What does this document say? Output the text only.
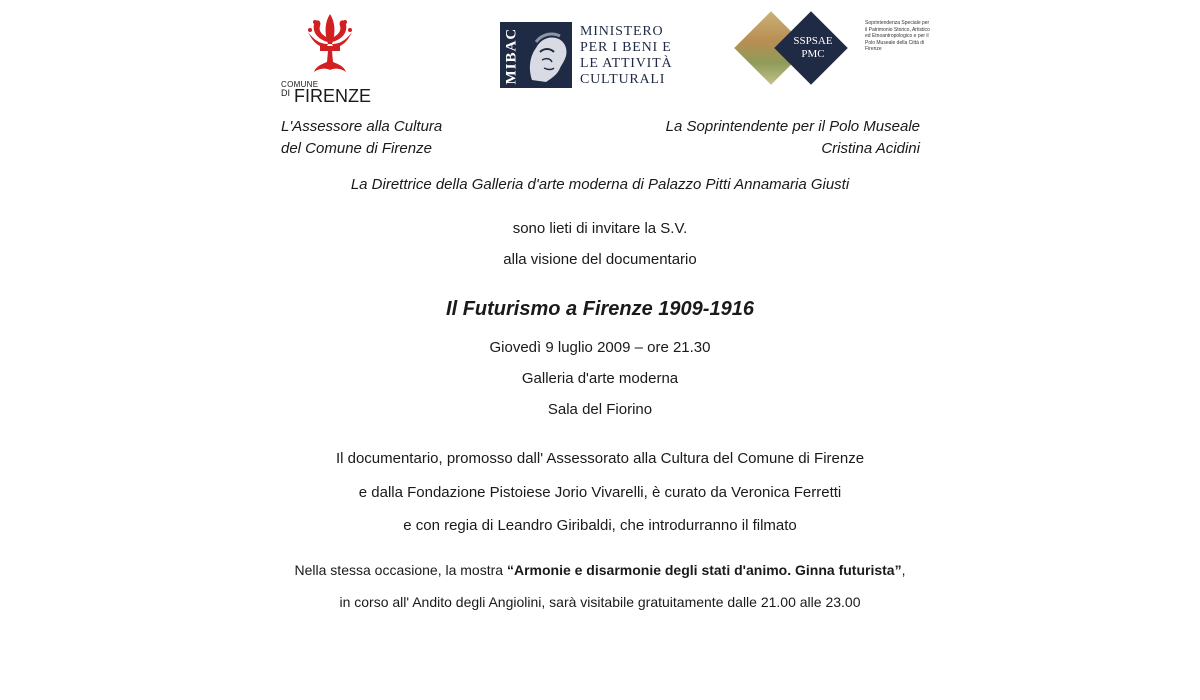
COMUNE
DI FIRENZE
MIBAC	MINISTERO
PER I BENI E
LE ATTIVITÀ
CULTURALI
SSPSAE
PMC
Soprintendenza Speciale per il Patrimonio Storico, Artistico ed Etnoantropologico e per il Polo Museale della Città di Firenze
L'Assessore alla Cultura
del Comune di Firenze
La Soprintendente per il Polo Museale
Cristina Acidini
La Direttrice della Galleria d'arte moderna di Palazzo Pitti Annamaria Giusti
sono lieti di invitare la S.V.
alla visione del documentario
Il Futurismo a Firenze 1909-1916
Giovedì 9 luglio 2009 – ore 21.30
Galleria d'arte moderna
Sala del Fiorino
Il documentario, promosso dall' Assessorato alla Cultura del Comune di Firenze
e dalla Fondazione Pistoiese Jorio Vivarelli, è curato da Veronica Ferretti
e con regia di Leandro Giribaldi, che introdurranno il filmato
Nella stessa occasione, la mostra “Armonie e disarmonie degli stati d'animo. Ginna futurista”,
in corso all' Andito degli Angiolini, sarà visitabile gratuitamente dalle 21.00 alle 23.00
